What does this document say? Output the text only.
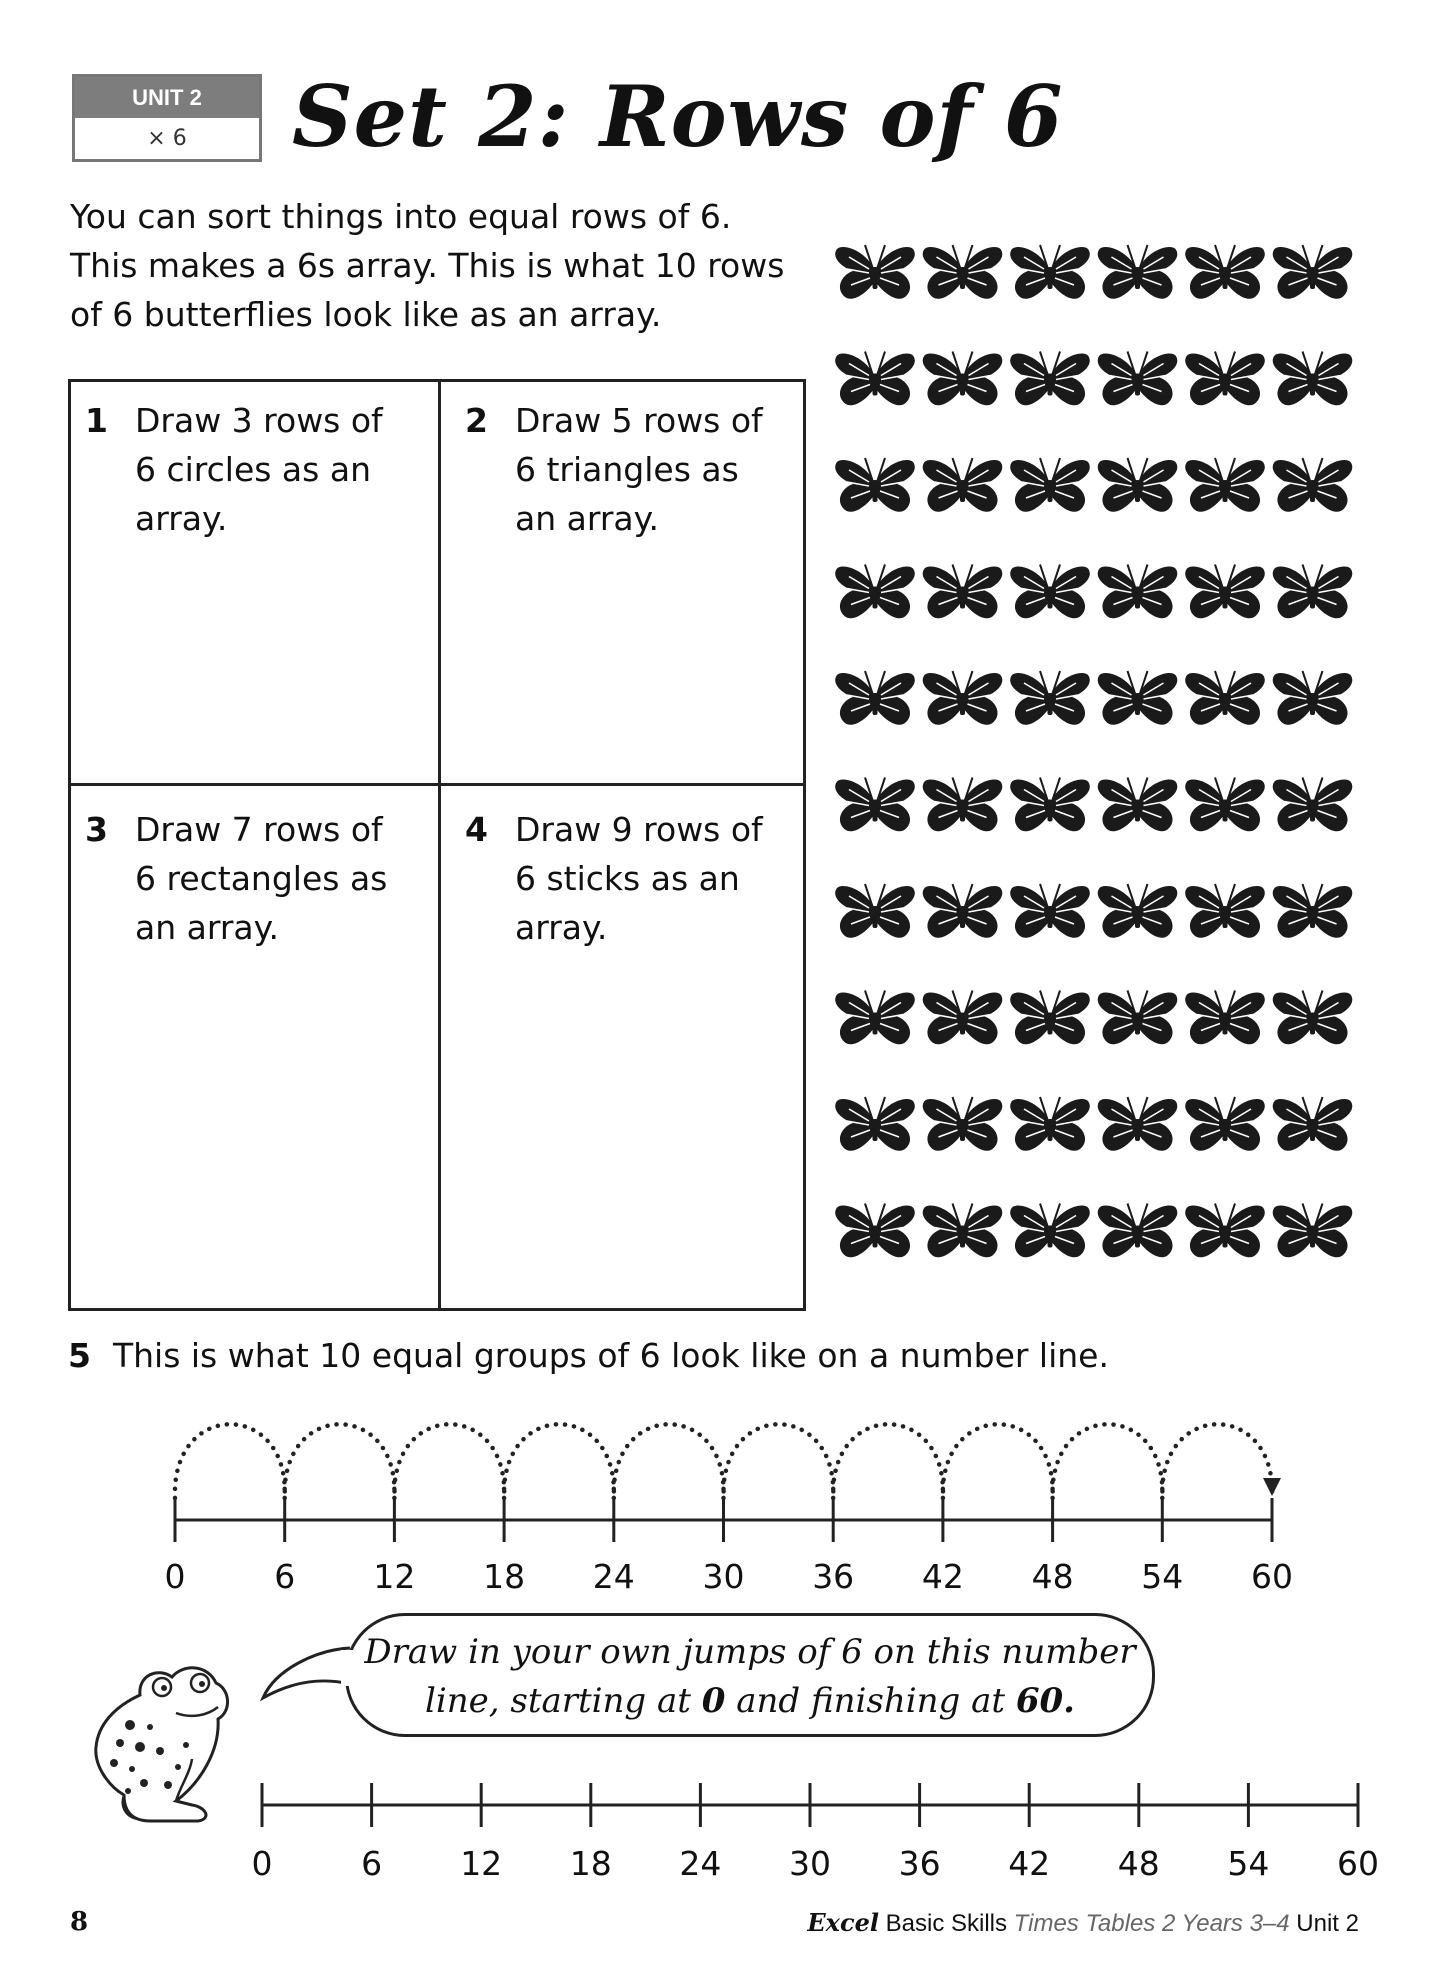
UNIT 2
× 6	Set 2: Rows of 6
You can sort things into equal rows of 6.
This makes a 6s array. This is what 10 rows
of 6 butterflies look like as an array.
1 Draw 3 rows of
6 circles as an
array.
2 Draw 5 rows of
6 triangles as
an array.
3 Draw 7 rows of
6 rectangles as
an array.
4 Draw 9 rows of
6 sticks as an
array.
5 This is what 10 equal groups of 6 look like on a number line.
0	6 12 18 24 30 36 42 48 54 60
Draw in your own jumps of 6 on this number
line, starting at 0 and finishing at 60.
0	6 12 18 24 30 36 42 48 54 60
8	Excel Basic Skills Times Tables 2 Years 3–4 Unit 2
